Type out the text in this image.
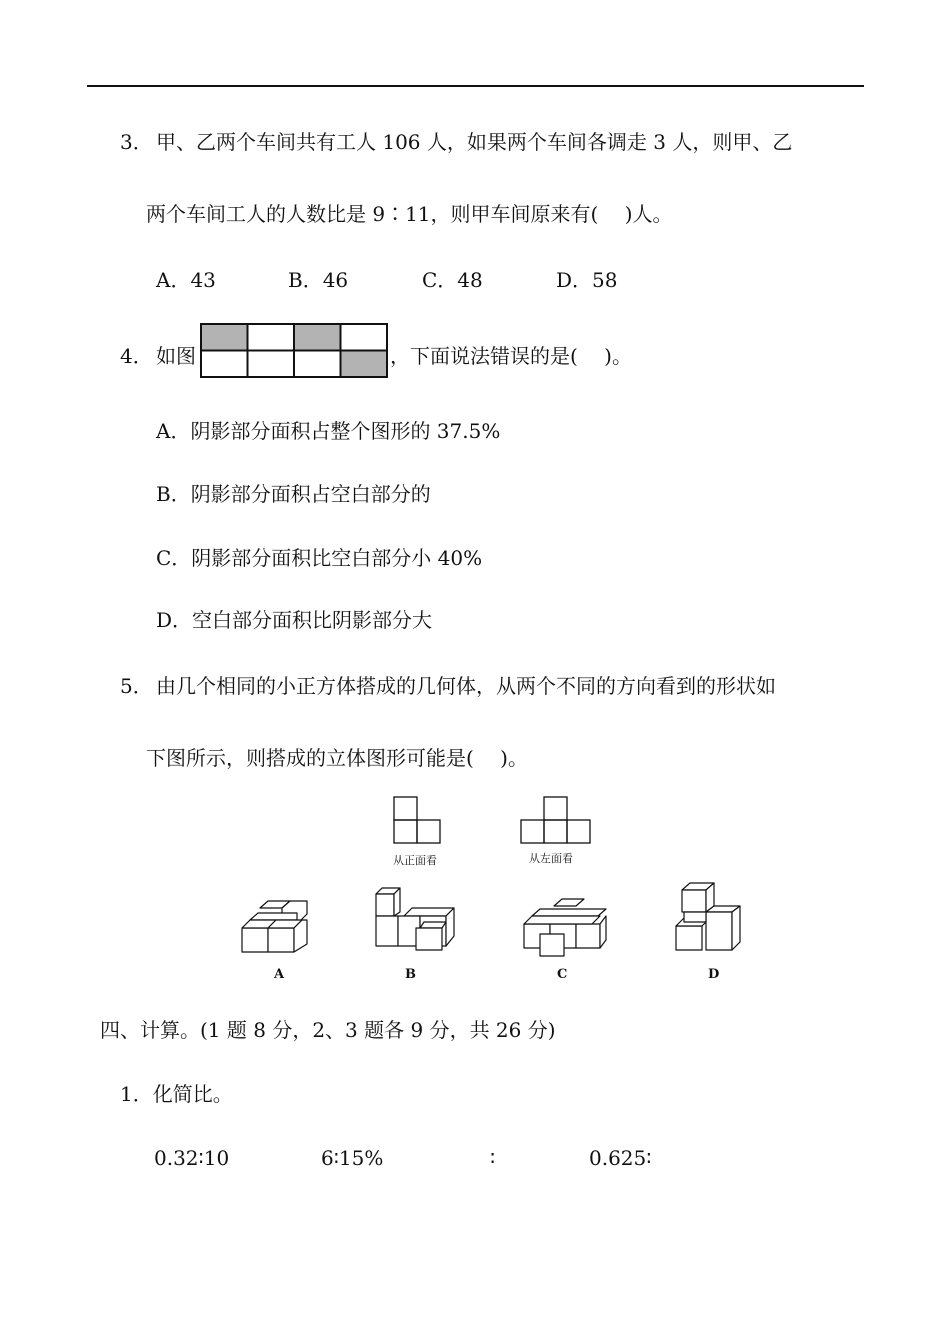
3． 甲、乙两个车间共有工人 106 人，如果两个车间各调走 3 人，则甲、乙
两个车间工人的人数比是 9∶11，则甲车间原来有(　 )人。
A．43	B．46	C．48	D．58
4． 如图	，下面说法错误的是(　 )。
A．阴影部分面积占整个图形的 37.5%
B．阴影部分面积占空白部分的
C．阴影部分面积比空白部分小 40%
D．空白部分面积比阴影部分大
5． 由几个相同的小正方体搭成的几何体，从两个不同的方向看到的形状如
下图所示，则搭成的立体图形可能是(　 )。
从正面看	从左面看
A	B	C	D
四、计算。(1 题 8 分，2、3 题各 9 分，共 26 分)
1．化简比。
0.32∶10	6∶15%	∶	0.625∶
